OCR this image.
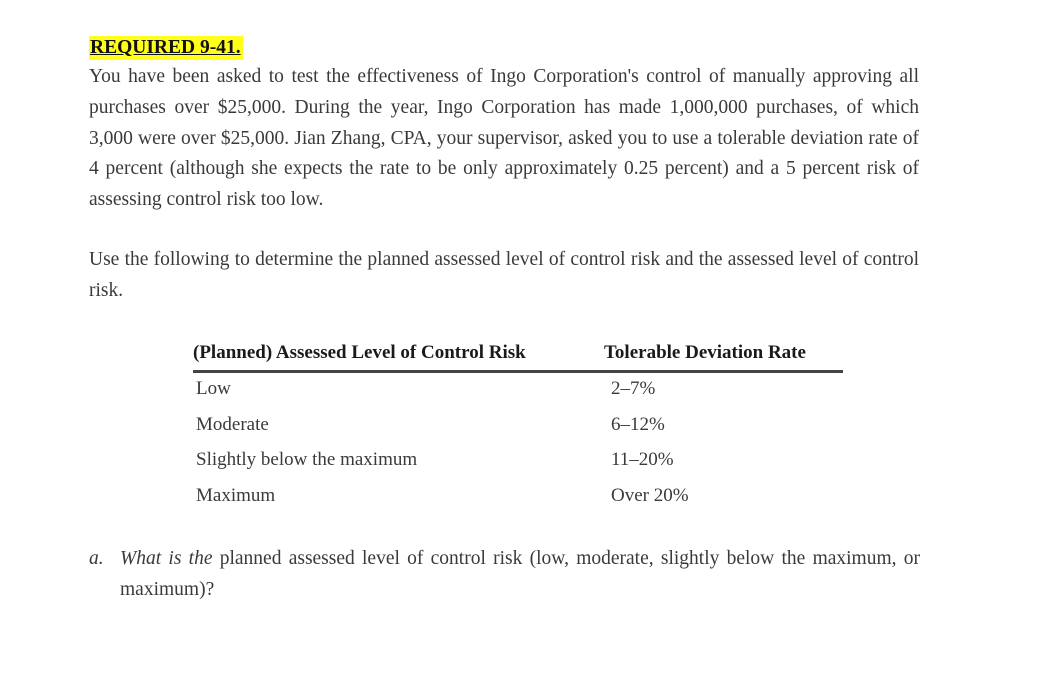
REQUIRED 9-41.

You have been asked to test the effectiveness of Ingo Corporation's control of manually approving all purchases over $25,000. During the year, Ingo Corporation has made 1,000,000 purchases, of which 3,000 were over $25,000. Jian Zhang, CPA, your supervisor, asked you to use a tolerable deviation rate of 4 percent (although she expects the rate to be only approximately 0.25 percent) and a 5 percent risk of assessing control risk too low.

Use the following to determine the planned assessed level of control risk and the assessed level of control risk.

(Planned) Assessed Level of Control Risk	Tolerable Deviation Rate
Low	2–7%
Moderate	6–12%
Slightly below the maximum	11–20%
Maximum	Over 20%
a. What is the planned assessed level of control risk (low, moderate, slightly below the maximum, or maximum)?
